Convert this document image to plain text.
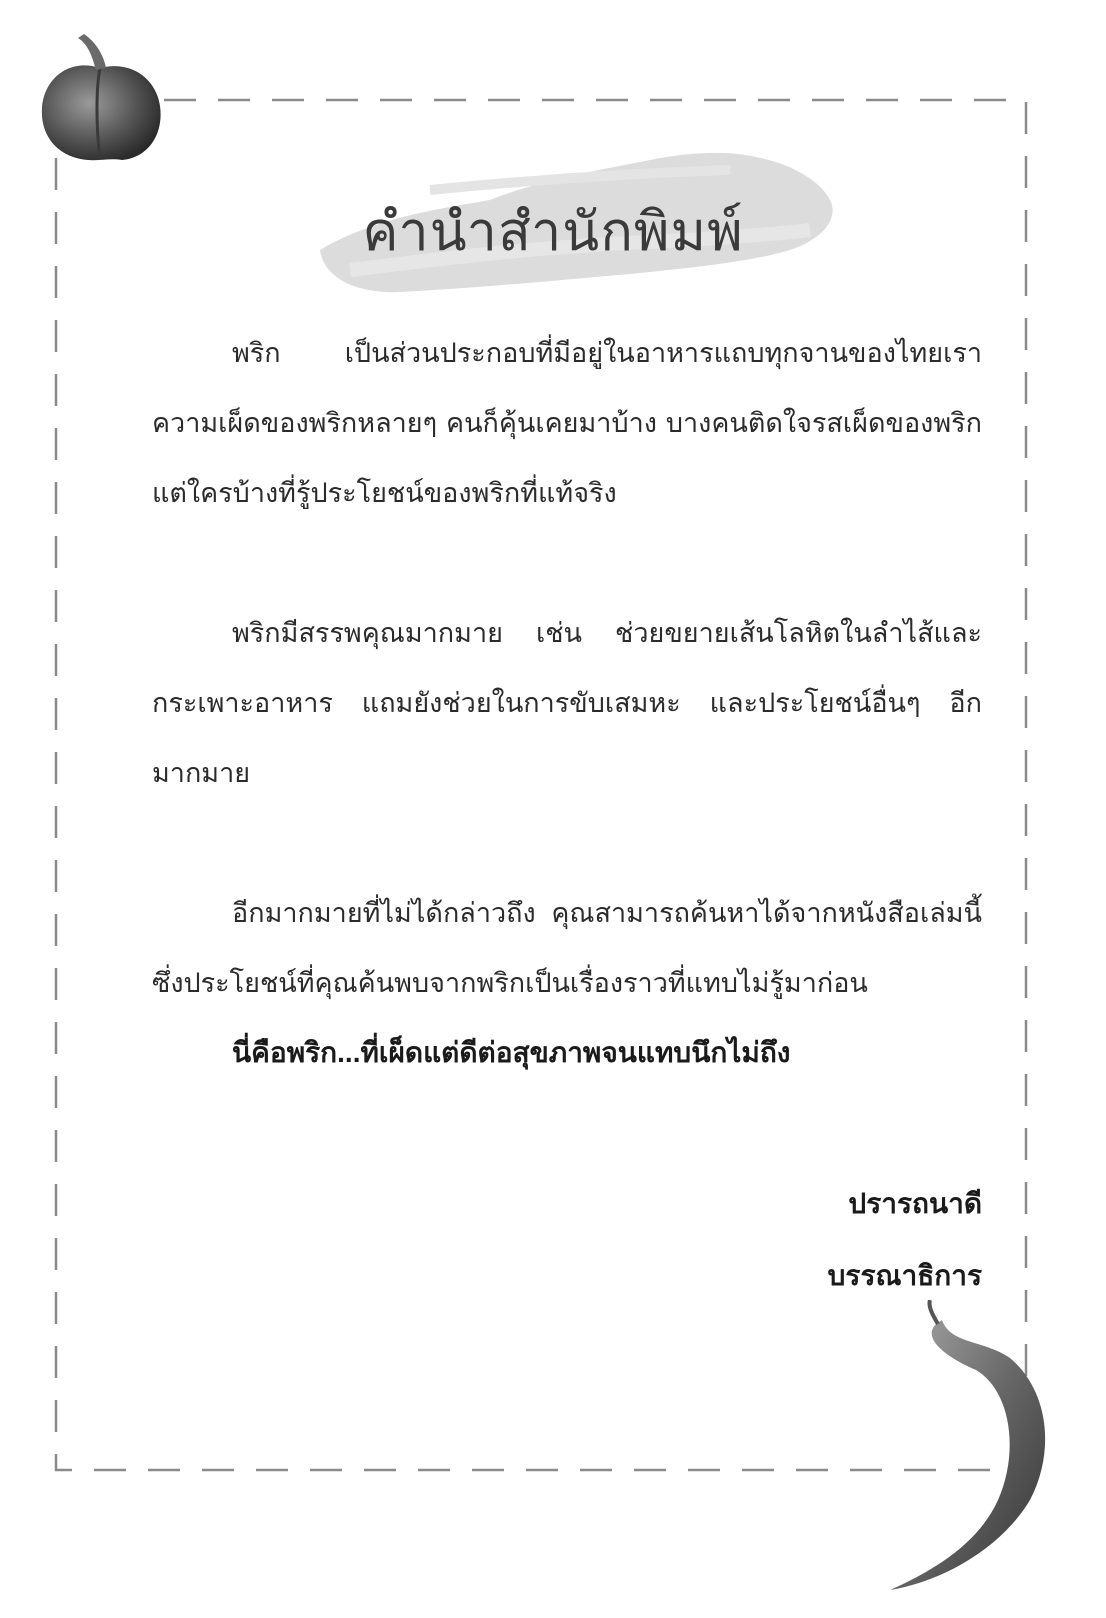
คำนำสำนักพิมพ์

พริก เป็นส่วนประกอบที่มีอยู่ในอาหารแถบทุกจานของไทยเรา ความเผ็ดของพริกหลายๆ คนก็คุ้นเคยมาบ้าง บางคนติดใจรสเผ็ดของพริกแต่ใครบ้างที่รู้ประโยชน์ของพริกที่แท้จริง

พริกมีสรรพคุณมากมาย เช่น ช่วยขยายเส้นโลหิตในลำไส้และกระเพาะอาหาร แถมยังช่วยในการขับเสมหะ และประโยชน์อื่นๆ อีกมากมาย

อีกมากมายที่ไม่ได้กล่าวถึง คุณสามารถค้นหาได้จากหนังสือเล่มนี้ ซึ่งประโยชน์ที่คุณค้นพบจากพริกเป็นเรื่องราวที่แทบไม่รู้มาก่อน

นี่คือพริก...ที่เผ็ดแต่ดีต่อสุขภาพจนแทบนึกไม่ถึง

ปรารถนาดี
บรรณาธิการ
